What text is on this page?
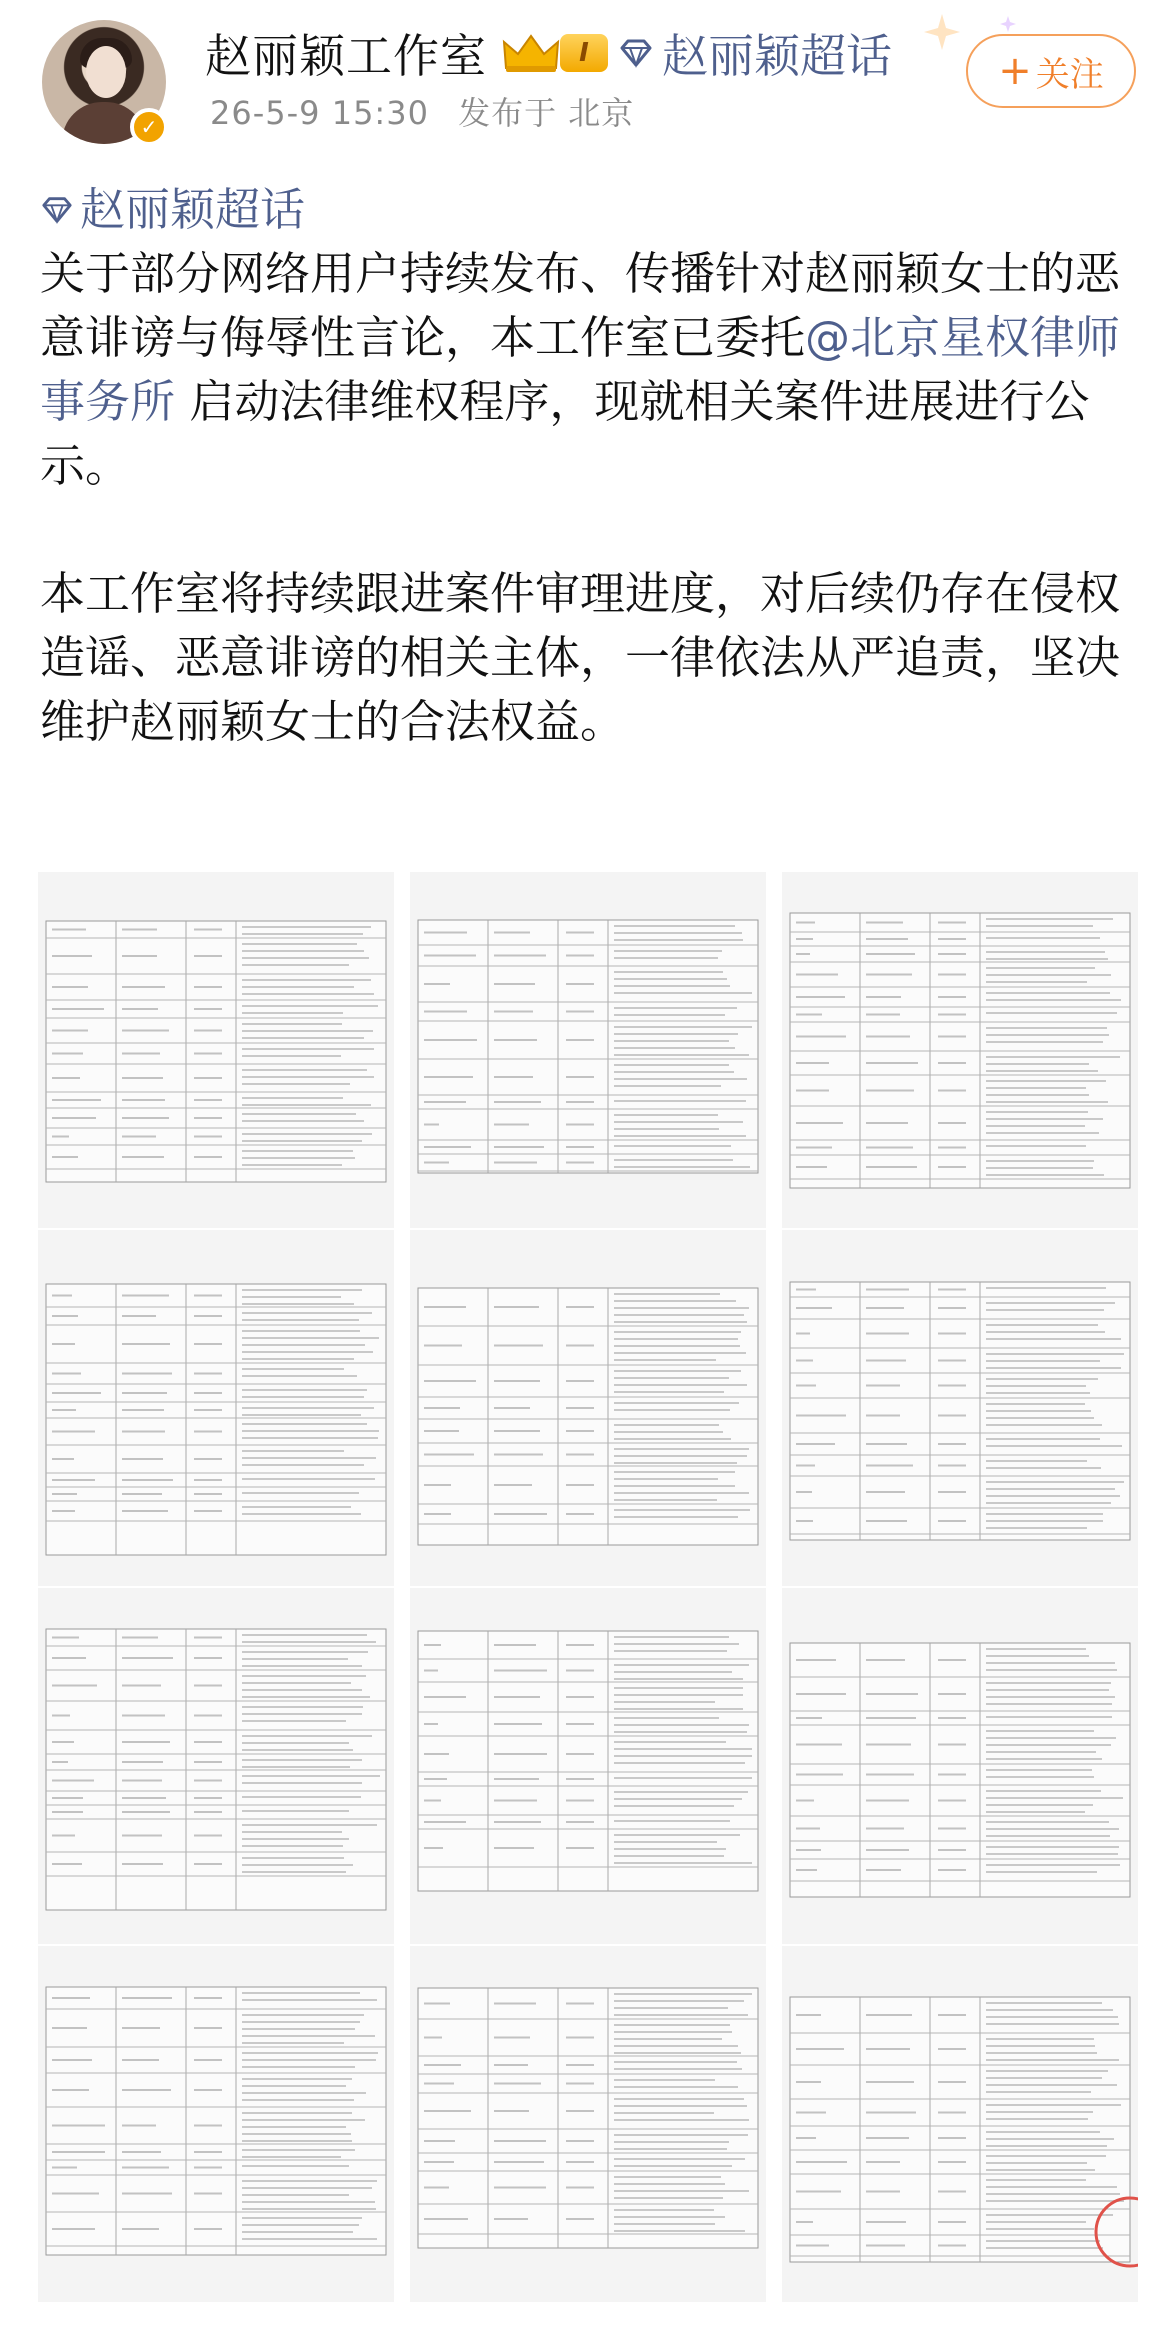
✓
赵丽颖工作室	I	赵丽颖超话
26-5-9 15:30 发布于 北京
+ 关注
赵丽颖超话

关于部分网络用户持续发布、传播针对赵丽颖女士的恶意诽谤与侮辱性言论，本工作室已委托@北京星权律师事务所 启动法律维权程序，现就相关案件进展进行公示。

本工作室将持续跟进案件审理进度，对后续仍存在侵权造谣、恶意诽谤的相关主体，一律依法从严追责，坚决维护赵丽颖女士的合法权益。
